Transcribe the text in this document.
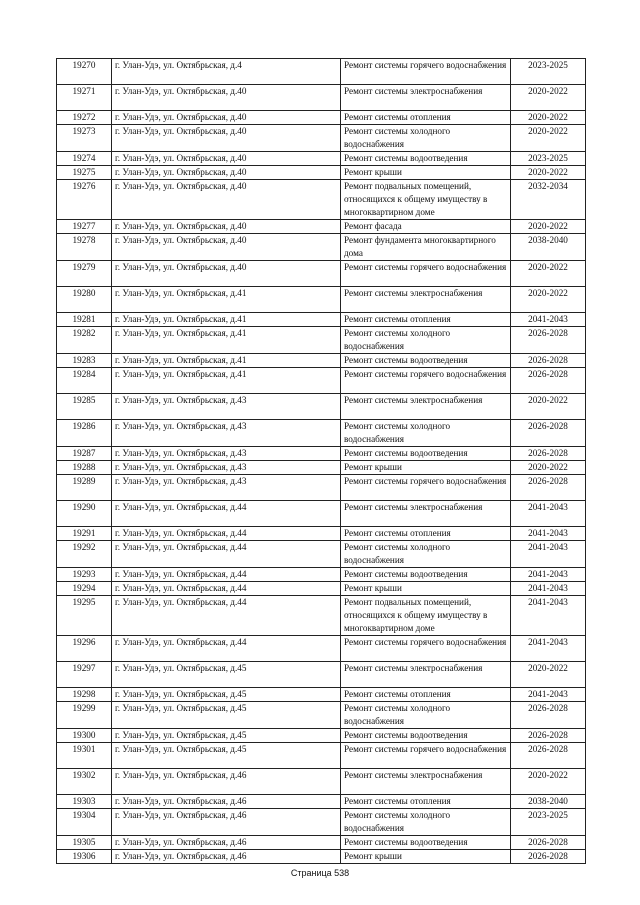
19270	г. Улан-Удэ, ул. Октябрьская, д.4	Ремонт системы горячего водоснабжения	2023-2025
19271	г. Улан-Удэ, ул. Октябрьская, д.40	Ремонт системы электроснабжения	2020-2022
19272	г. Улан-Удэ, ул. Октябрьская, д.40	Ремонт системы отопления	2020-2022
19273	г. Улан-Удэ, ул. Октябрьская, д.40	Ремонт системы холодного водоснабжения	2020-2022
19274	г. Улан-Удэ, ул. Октябрьская, д.40	Ремонт системы водоотведения	2023-2025
19275	г. Улан-Удэ, ул. Октябрьская, д.40	Ремонт крыши	2020-2022
19276	г. Улан-Удэ, ул. Октябрьская, д.40	Ремонт подвальных помещений, относящихся к общему имуществу в многоквартирном доме	2032-2034
19277	г. Улан-Удэ, ул. Октябрьская, д.40	Ремонт фасада	2020-2022
19278	г. Улан-Удэ, ул. Октябрьская, д.40	Ремонт фундамента многоквартирного дома	2038-2040
19279	г. Улан-Удэ, ул. Октябрьская, д.40	Ремонт системы горячего водоснабжения	2020-2022
19280	г. Улан-Удэ, ул. Октябрьская, д.41	Ремонт системы электроснабжения	2020-2022
19281	г. Улан-Удэ, ул. Октябрьская, д.41	Ремонт системы отопления	2041-2043
19282	г. Улан-Удэ, ул. Октябрьская, д.41	Ремонт системы холодного водоснабжения	2026-2028
19283	г. Улан-Удэ, ул. Октябрьская, д.41	Ремонт системы водоотведения	2026-2028
19284	г. Улан-Удэ, ул. Октябрьская, д.41	Ремонт системы горячего водоснабжения	2026-2028
19285	г. Улан-Удэ, ул. Октябрьская, д.43	Ремонт системы электроснабжения	2020-2022
19286	г. Улан-Удэ, ул. Октябрьская, д.43	Ремонт системы холодного водоснабжения	2026-2028
19287	г. Улан-Удэ, ул. Октябрьская, д.43	Ремонт системы водоотведения	2026-2028
19288	г. Улан-Удэ, ул. Октябрьская, д.43	Ремонт крыши	2020-2022
19289	г. Улан-Удэ, ул. Октябрьская, д.43	Ремонт системы горячего водоснабжения	2026-2028
19290	г. Улан-Удэ, ул. Октябрьская, д.44	Ремонт системы электроснабжения	2041-2043
19291	г. Улан-Удэ, ул. Октябрьская, д.44	Ремонт системы отопления	2041-2043
19292	г. Улан-Удэ, ул. Октябрьская, д.44	Ремонт системы холодного водоснабжения	2041-2043
19293	г. Улан-Удэ, ул. Октябрьская, д.44	Ремонт системы водоотведения	2041-2043
19294	г. Улан-Удэ, ул. Октябрьская, д.44	Ремонт крыши	2041-2043
19295	г. Улан-Удэ, ул. Октябрьская, д.44	Ремонт подвальных помещений, относящихся к общему имуществу в многоквартирном доме	2041-2043
19296	г. Улан-Удэ, ул. Октябрьская, д.44	Ремонт системы горячего водоснабжения	2041-2043
19297	г. Улан-Удэ, ул. Октябрьская, д.45	Ремонт системы электроснабжения	2020-2022
19298	г. Улан-Удэ, ул. Октябрьская, д.45	Ремонт системы отопления	2041-2043
19299	г. Улан-Удэ, ул. Октябрьская, д.45	Ремонт системы холодного водоснабжения	2026-2028
19300	г. Улан-Удэ, ул. Октябрьская, д.45	Ремонт системы водоотведения	2026-2028
19301	г. Улан-Удэ, ул. Октябрьская, д.45	Ремонт системы горячего водоснабжения	2026-2028
19302	г. Улан-Удэ, ул. Октябрьская, д.46	Ремонт системы электроснабжения	2020-2022
19303	г. Улан-Удэ, ул. Октябрьская, д.46	Ремонт системы отопления	2038-2040
19304	г. Улан-Удэ, ул. Октябрьская, д.46	Ремонт системы холодного водоснабжения	2023-2025
19305	г. Улан-Удэ, ул. Октябрьская, д.46	Ремонт системы водоотведения	2026-2028
19306	г. Улан-Удэ, ул. Октябрьская, д.46	Ремонт крыши	2026-2028
Страница 538
